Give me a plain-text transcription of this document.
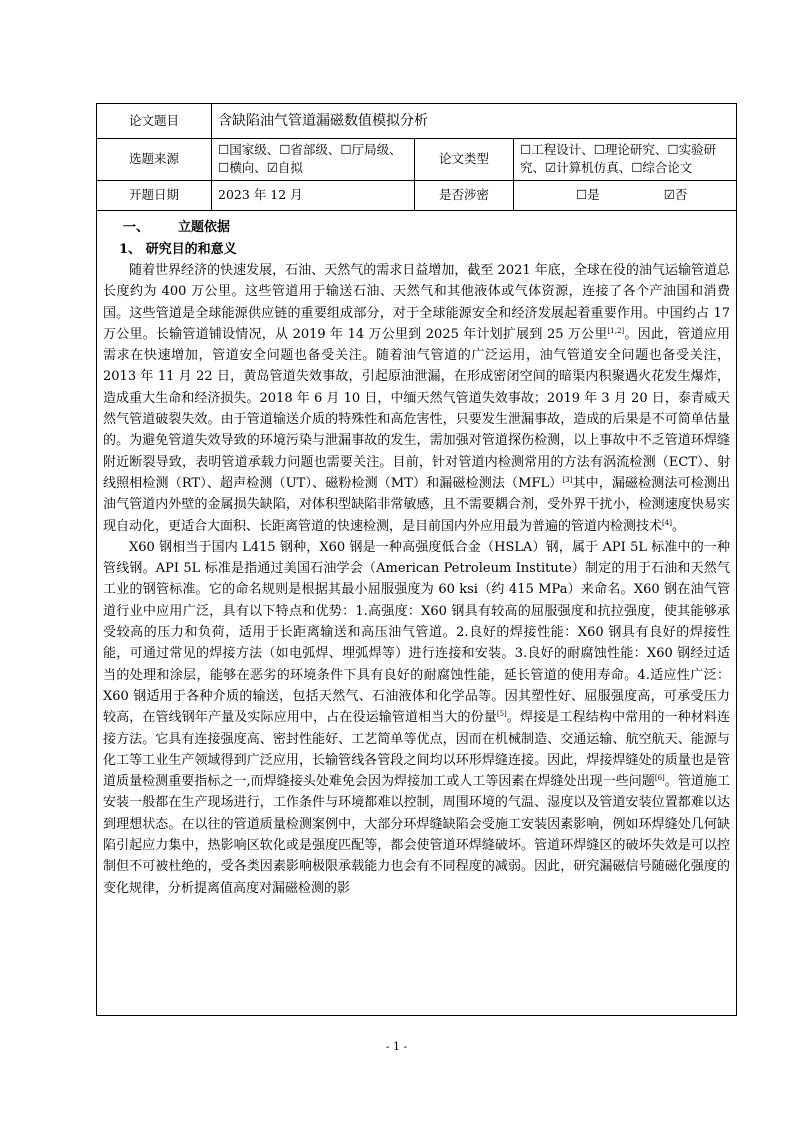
论文题目	含缺陷油气管道漏磁数值模拟分析		
选题来源	☐国家级、☐省部级、☐厅局级、☐横向、☑自拟	论文类型	☐工程设计、☐理论研究、☐实验研究、☑计算机仿真、☐综合论文
开题日期	2023 年 12 月	是否涉密	☐是 ☑否
一、 立题依据

1、 研究目的和意义

随着世界经济的快速发展，石油、天然气的需求日益增加，截至 2021 年底，全球在役的油气运输管道总长度约为 400 万公里。这些管道用于输送石油、天然气和其他液体或气体资源，连接了各个产油国和消费国。这些管道是全球能源供应链的重要组成部分，对于全球能源安全和经济发展起着重要作用。中国约占 17 万公里。长输管道铺设情况，从 2019 年 14 万公里到 2025 年计划扩展到 25 万公里[1,2]。因此，管道应用需求在快速增加，管道安全问题也备受关注。随着油气管道的广泛运用，油气管道安全问题也备受关注，2013 年 11 月 22 日，黄岛管道失效事故，引起原油泄漏，在形成密闭空间的暗渠内积聚遇火花发生爆炸，造成重大生命和经济损失。2018 年 6 月 10 日，中缅天然气管道失效事故；2019 年 3 月 20 日，泰青威天然气管道破裂失效。由于管道输送介质的特殊性和高危害性，只要发生泄漏事故，造成的后果是不可简单估量的。为避免管道失效导致的环境污染与泄漏事故的发生，需加强对管道探伤检测，以上事故中不乏管道环焊缝附近断裂导致，表明管道承载力问题也需要关注。目前，针对管道内检测常用的方法有涡流检测（ECT）、射线照相检测（RT）、超声检测（UT）、磁粉检测（MT）和漏磁检测法（MFL）[3]其中，漏磁检测法可检测出油气管道内外壁的金属损失缺陷，对体积型缺陷非常敏感，且不需要耦合剂，受外界干扰小，检测速度快易实现自动化，更适合大面积、长距离管道的快速检测，是目前国内外应用最为普遍的管道内检测技术[4]。

X60 钢相当于国内 L415 钢种，X60 钢是一种高强度低合金（HSLA）钢，属于 API 5L 标准中的一种管线钢。API 5L 标准是指通过美国石油学会（American Petroleum Institute）制定的用于石油和天然气工业的钢管标准。它的命名规则是根据其最小屈服强度为 60 ksi（约 415 MPa）来命名。X60 钢在油气管道行业中应用广泛，具有以下特点和优势：1.高强度：X60 钢具有较高的屈服强度和抗拉强度，使其能够承受较高的压力和负荷，适用于长距离输送和高压油气管道。2.良好的焊接性能：X60 钢具有良好的焊接性能，可通过常见的焊接方法（如电弧焊、埋弧焊等）进行连接和安装。3.良好的耐腐蚀性能：X60 钢经过适当的处理和涂层，能够在恶劣的环境条件下具有良好的耐腐蚀性能，延长管道的使用寿命。4.适应性广泛：X60 钢适用于各种介质的输送，包括天然气、石油液体和化学品等。因其塑性好、屈服强度高，可承受压力较高，在管线钢年产量及实际应用中，占在役运输管道相当大的份量[5]。焊接是工程结构中常用的一种材料连接方法。它具有连接强度高、密封性能好、工艺简单等优点，因而在机械制造、交通运输、航空航天、能源与化工等工业生产领域得到广泛应用，长输管线各管段之间均以环形焊缝连接。因此，焊接焊缝处的质量也是管道质量检测重要指标之一,而焊缝接头处难免会因为焊接加工或人工等因素在焊缝处出现一些问题[6]。管道施工安装一般都在生产现场进行，工作条件与环境都难以控制，周围环境的气温、湿度以及管道安装位置都难以达到理想状态。在以往的管道质量检测案例中，大部分环焊缝缺陷会受施工安装因素影响，例如环焊缝处几何缺陷引起应力集中，热影响区软化或是强度匹配等，都会使管道环焊缝破坏。管道环焊缝区的破坏失效是可以控制但不可被杜绝的，受各类因素影响极限承载能力也会有不同程度的减弱。因此，研究漏磁信号随磁化强度的变化规律，分析提离值高度对漏磁检测的影

- 1 -
